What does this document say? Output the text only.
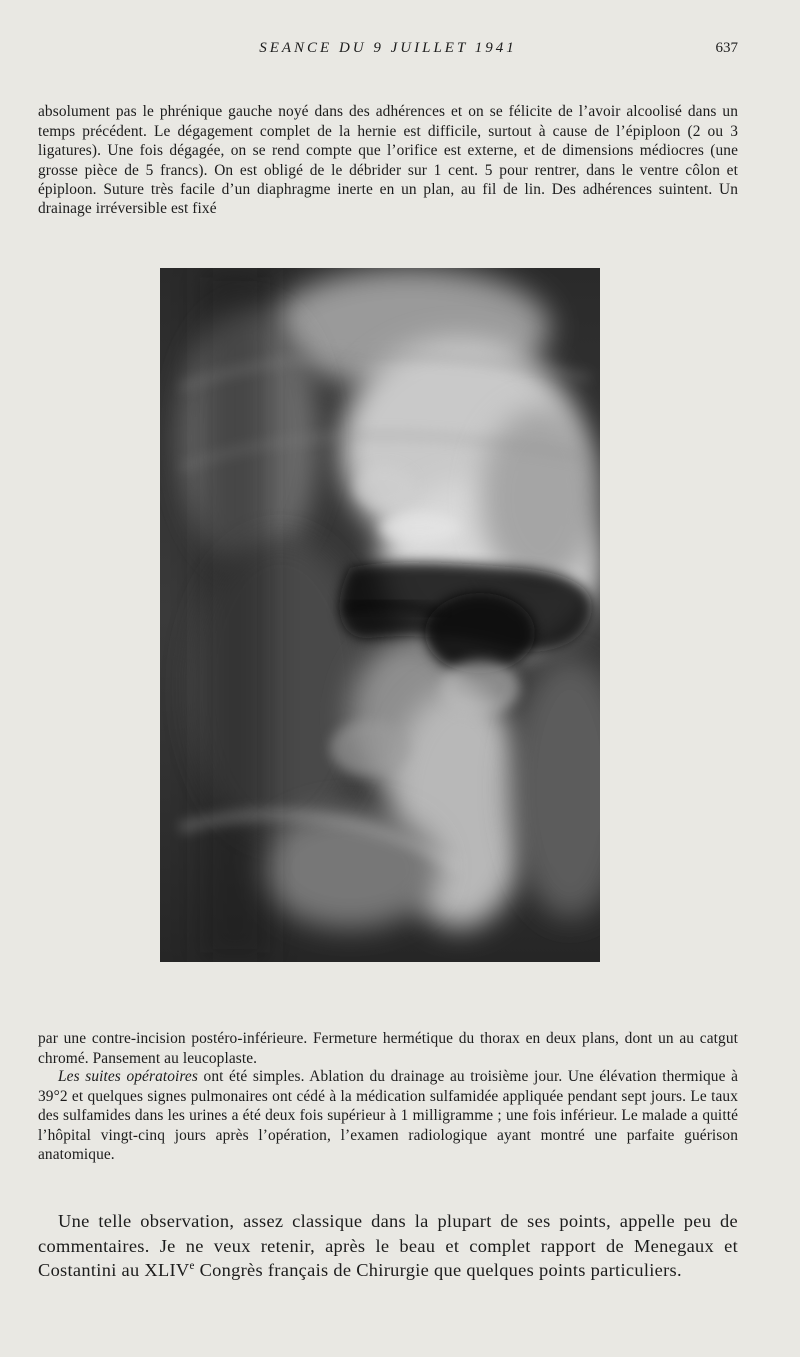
SEANCE DU 9 JUILLET 1941	637

absolument pas le phrénique gauche noyé dans des adhérences et on se félicite de l’avoir alcoolisé dans un temps précédent. Le dégagement complet de la hernie est difficile, surtout à cause de l’épiploon (2 ou 3 ligatures). Une fois dégagée, on se rend compte que l’orifice est externe, et de dimensions médiocres (une grosse pièce de 5 francs). On est obligé de le débrider sur 1 cent. 5 pour rentrer, dans le ventre côlon et épiploon. Suture très facile d’un diaphragme inerte en un plan, au fil de lin. Des adhérences suintent. Un drainage irréversible est fixé

par une contre-incision postéro-inférieure. Fermeture hermétique du thorax en deux plans, dont un au catgut chromé. Pansement au leucoplaste.

Les suites opératoires ont été simples. Ablation du drainage au troisième jour. Une élévation thermique à 39°2 et quelques signes pulmonaires ont cédé à la médication sulfamidée appliquée pendant sept jours. Le taux des sulfamides dans les urines a été deux fois supérieur à 1 milligramme ; une fois inférieur. Le malade a quitté l’hôpital vingt-cinq jours après l’opération, l’examen radiologique ayant montré une parfaite guérison anatomique.

Une telle observation, assez classique dans la plupart de ses points, appelle peu de commentaires. Je ne veux retenir, après le beau et complet rapport de Menegaux et Costantini au XLIVe Congrès français de Chirurgie que quelques points particuliers.
